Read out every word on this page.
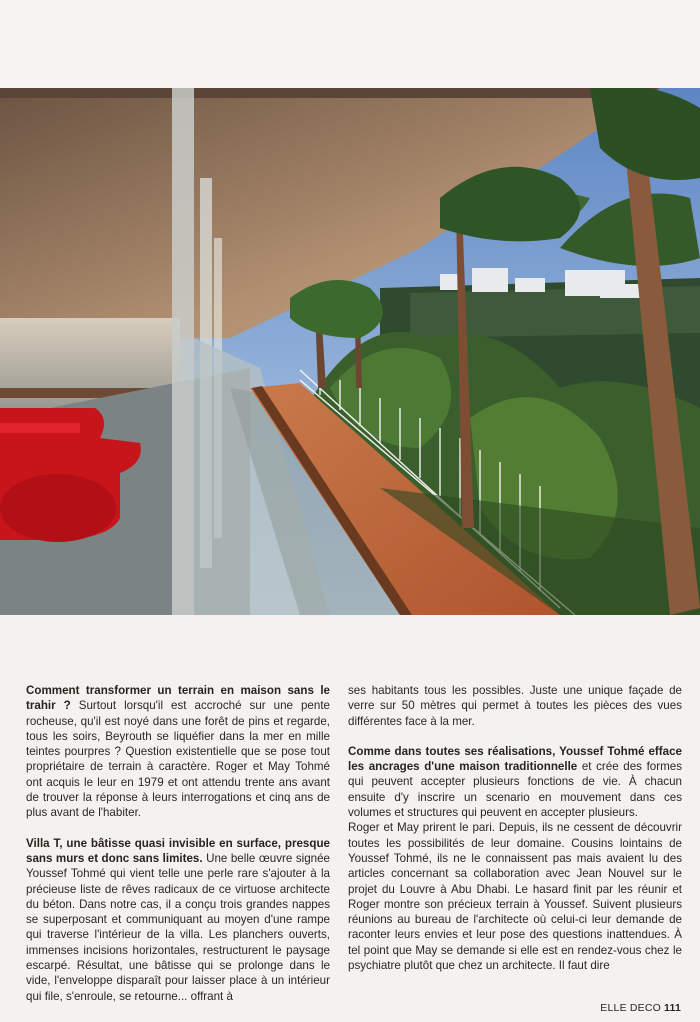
Comment transformer un terrain en maison sans le trahir ? Surtout lorsqu'il est accroché sur une pente rocheuse, qu'il est noyé dans une forêt de pins et regarde, tous les soirs, Beyrouth se liquéfier dans la mer en mille teintes pourpres ? Question existentielle que se pose tout propriétaire de terrain à caractère. Roger et May Tohmé ont acquis le leur en 1979 et ont attendu trente ans avant de trouver la réponse à leurs interrogations et cinq ans de plus avant de l'habiter.

Villa T, une bâtisse quasi invisible en surface, presque sans murs et donc sans limites. Une belle œuvre signée Youssef Tohmé qui vient telle une perle rare s'ajouter à la précieuse liste de rêves radicaux de ce virtuose architecte du béton. Dans notre cas, il a conçu trois grandes nappes se superposant et communiquant au moyen d'une rampe qui traverse l'intérieur de la villa. Les planchers ouverts, immenses incisions horizontales, restructurent le paysage escarpé. Résultat, une bâtisse qui se prolonge dans le vide, l'enveloppe disparaît pour laisser place à un intérieur qui file, s'enroule, se retourne... offrant à

ses habitants tous les possibles. Juste une unique façade de verre sur 50 mètres qui permet à toutes les pièces des vues différentes face à la mer.

Comme dans toutes ses réalisations, Youssef Tohmé efface les ancrages d'une maison traditionnelle et crée des formes qui peuvent accepter plusieurs fonctions de vie. À chacun ensuite d'y inscrire un scenario en mouvement dans ces volumes et structures qui peuvent en accepter plusieurs.

Roger et May prirent le pari. Depuis, ils ne cessent de découvrir toutes les possibilités de leur domaine. Cousins lointains de Youssef Tohmé, ils ne le connaissent pas mais avaient lu des articles concernant sa collaboration avec Jean Nouvel sur le projet du Louvre à Abu Dhabi. Le hasard finit par les réunir et Roger montre son précieux terrain à Youssef. Suivent plusieurs réunions au bureau de l'architecte où celui-ci leur demande de raconter leurs envies et leur pose des questions inattendues. À tel point que May se demande si elle est en rendez-vous chez le psychiatre plutôt que chez un architecte. Il faut dire

ELLE DECO 111
